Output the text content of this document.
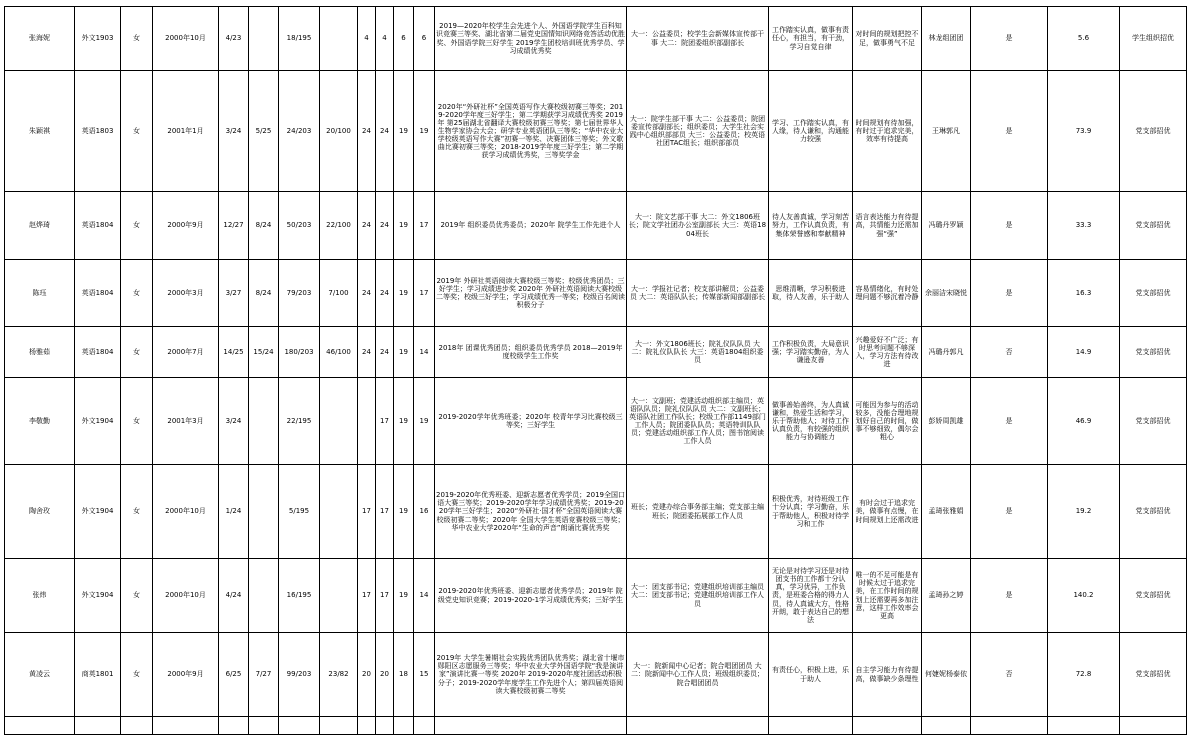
张海妮	外文1903	女	2000年10月	4/23		18/195		4	4	6	6	2019—2020年校学生会先进个人、外国语学院学生百科知识竞赛三等奖、湖北省第二届党史国情知识网络竞答活动优胜奖、外国语学院三好学生 2019学生团校培训班优秀学员、学习成绩优秀奖	大一：公益委员；校学生会新媒体宣传部干事 大二：院团委组织部副部长	工作踏实认真，做事有责任心，有担当，有干劲，学习自觉自律	对时间的规划把控不足，做事勇气不足	林龙组团团	是	5.6	学生组织招优
朱颖祺	英语1803	女	2001年1月	3/24	5/25	24/203	20/100	24	24	19	19	2020年“外研社杯”全国英语写作大赛校级初赛三等奖；2019-2020学年度三好学生；第二学期获学习成绩优秀奖 2019年 第25届湖北省翻译大赛校级初赛三等奖；第七届世界华人生物学家协会大会；研学专业英语团队三等奖；“华中农业大学校级英语写作大赛”初赛一等奖、决赛团体三等奖；外文歌曲比赛初赛三等奖；2018-2019学年度三好学生；第二学期获学习成绩优秀奖，三等奖学金	大一：院学生部干事 大二：公益委员；院团委宣传部副部长；组织委员；大学生社会实践中心组织部部员 大三：公益委员；校英语社团TAC组长；组织部部员	学习、工作踏实认真，有人缘，待人谦和，沟通能力较强	时间规划有待加强，有时过于追求完美，效率有待提高	王琳郭凡	是	73.9	党支部招优
赵烨琦	英语1804	女	2000年9月	12/27	8/24	50/203	22/100	24	24	19	17	2019年 组织委员优秀委员；2020年 院学生工作先进个人	大一：院文艺部干事 大二：外文1806班长；院文学社团办公室副部长 大三：英语1804班长	待人友善真诚，学习刻苦努力，工作认真负责，有集体荣誉感和奉献精神	语言表达能力有待提高，共情能力还需加强“强”	冯璐丹罗颖	是	33.3	党支部招优
陈珏	英语1804	女	2000年3月	3/27	8/24	79/203	7/100	24	24	19	17	2019年 外研社英语阅读大赛校级三等奖；校级优秀团员；三好学生；学习成绩进步奖 2020年 外研社英语阅读大赛校级二等奖；校级三好学生；学习成绩优秀一等奖；校级百名阅读积极分子	大一：学报社记者；校支部讲解员；公益委员 大二：英语队队长；传媒部新闻部副部长	思维清晰，学习积极进取，待人友善，乐于助人	容易情绪化，有时处理问题不够沉着冷静	余丽洁宋晓悦	是	16.3	党支部招优
杨雅茹	英语1804	女	2000年7月	14/25	15/24	180/203	46/100	24	24	19	14	2018年 团课优秀团员；组织委员优秀学员 2018—2019年度校级学生工作奖	大一：外文1806班长；院礼仪队队员 大二：院礼仪队队长 大三：英语1804组织委员	工作积极负责，大局意识强；学习踏实勤奋，为人谦逊友善	兴趣爱好不广泛；有时思考问题不够深入，学习方法有待改进	冯璐丹郭凡	否	14.9	党支部招优
李敬勤	外文1904	女	2001年3月	3/24		22/195			17	19	19	2019-2020学年优秀班委；2020年 校青年学习比赛校级三等奖；三好学生	大一：文副班；党建活动组织部主编员；英语队队员；院礼仪队队员 大二：文副班长；英语队社团工作队长；校级工作部1149部门工作人员；院团委队队员；英语特训队队员；党建活动组织部工作人员；图书馆阅读工作人员	做事善始善终，为人真诚谦和，热爱生活和学习，乐于帮助他人；对待工作认真负责，有较强的组织能力与协调能力	可能因为参与的活动较多，没能合理地规划好自己的时间，做事不够细致，偶尔会粗心	彭娇周凯雄	是	46.9	党支部招优
陶舍玫	外文1904	女	2000年10月	1/24		5/195		17	17	19	16	2019-2020年优秀班委、迎新志愿者优秀学员；2019全国口语大赛三等奖；2019-2020学年学习成绩优秀奖；2019-2020学年三好学生；2020“外研社·国才杯”全国英语阅读大赛校级初赛二等奖；2020年 全国大学生英语竞赛校级三等奖；华中农业大学2020年“生命的声音”朗诵比赛优秀奖	班长；党建办综合事务部主编；党支部主编 班长；院团委拓展部工作人员	积极优秀，对待班级工作十分认真；学习勤奋，乐于帮助他人，积极对待学习和工作	有时会过于追求完美，做事有点慢，在时间规划上还需改进	孟琦张雅娟	是	19.2	党支部招优
张炜	外文1904	女	2000年10月	4/24		16/195		17	17	19	14	2019-2020年优秀班委、迎新志愿者优秀学员；2019年 院级党史知识竞赛；2019-2020-1学习成绩优秀奖；三好学生	大一：团支部书记；党建组织培训部主编员 大二：团支部书记；党建组织培训部工作人员	无论是对待学习还是对待团支书的工作都十分认真，学习优异，工作负责，是班委合格的得力人员，待人真诚大方，性格开朗，敢于表达自己的想法	唯一的不足可能是有时候太过于追求完美，在工作时间的规划上还需要再多加注意，这样工作效率会更高	孟琦孙之婷	是	140.2	党支部招优
黄凌云	商英1801	女	2000年9月	6/25	7/27	99/203	23/82	20	20	18	15	2019年 大学生暑期社会实践优秀团队优秀奖；湖北省十堰市郧阳区志愿服务三等奖；华中农业大学外国语学院“我是演讲家”演讲比赛一等奖 2020年 2019-2020年度社团活动积极分子；2019-2020学年度学生工作先进个人；第四届英语阅读大赛校级初赛二等奖	大一：院新闻中心记者；院合唱团团员 大二：院新闻中心工作人员；班级组织委员；院合唱团团员	有责任心，积极上进，乐于助人	自主学习能力有待提高，做事缺少条理性	何婕妮杨泰依	否	72.8	党支部招优
